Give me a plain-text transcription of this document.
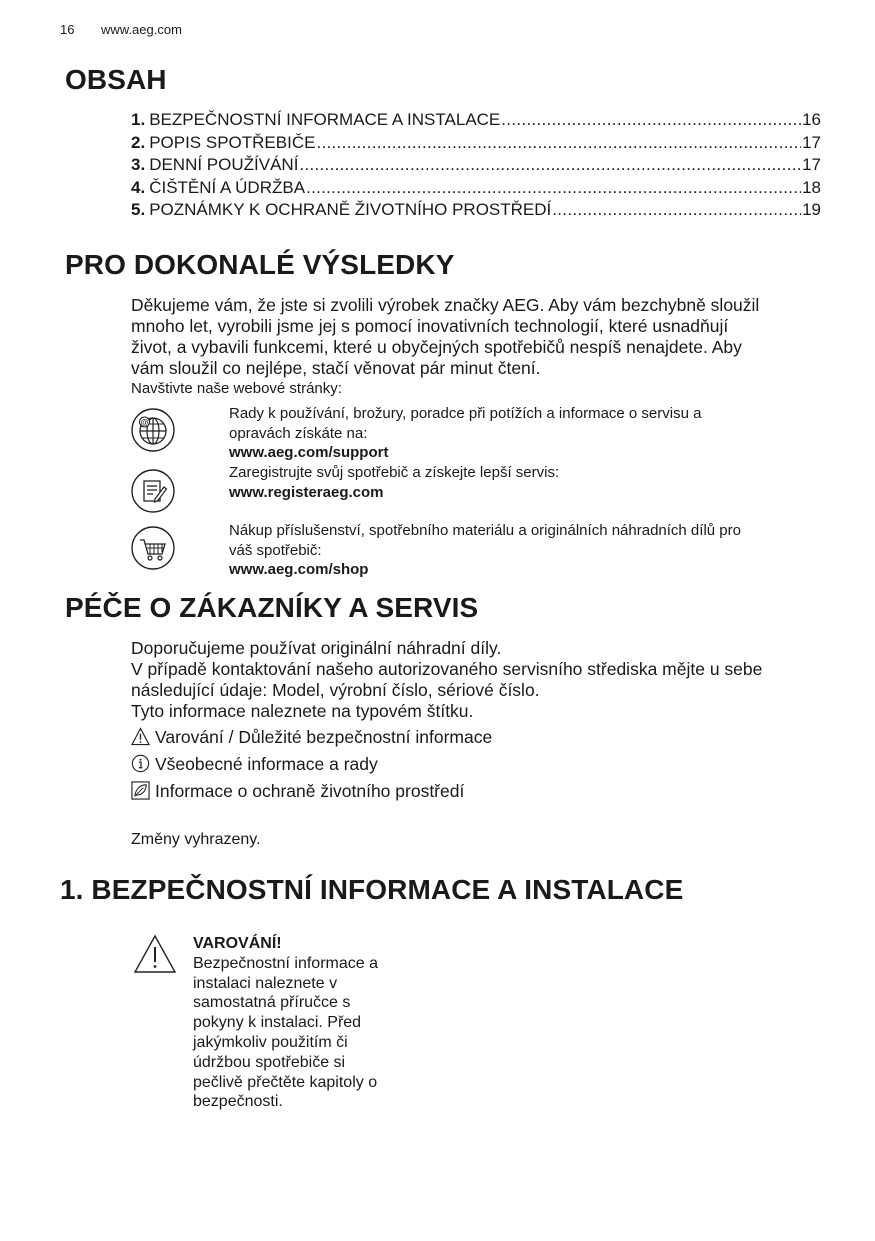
16 www.aeg.com
OBSAH
1. BEZPEČNOSTNÍ INFORMACE A INSTALACE .....	16
2. POPIS SPOTŘEBIČE .....	17
3. DENNÍ POUŽÍVÁNÍ .....	17
4. ČIŠTĚNÍ A ÚDRŽBA .....	18
5. POZNÁMKY K OCHRANĚ ŽIVOTNÍHO PROSTŘEDÍ .....	19
PRO DOKONALÉ VÝSLEDKY
Děkujeme vám, že jste si zvolili výrobek značky AEG. Aby vám bezchybně sloužil
mnoho let, vyrobili jsme jej s pomocí inovativních technologií, které usnadňují
život, a vybavili funkcemi, které u obyčejných spotřebičů nespíš nenajdete. Aby
vám sloužil co nejlépe, stačí věnovat pár minut čtení.
Navštivte naše webové stránky:
@
Rady k používání, brožury, poradce při potížích a informace o servisu a
opravách získáte na:
www.aeg.com/support
Zaregistrujte svůj spotřebič a získejte lepší servis:
www.registeraeg.com
Nákup příslušenství, spotřebního materiálu a originálních náhradních dílů pro
váš spotřebič:
www.aeg.com/shop
PÉČE O ZÁKAZNÍKY A SERVIS
Doporučujeme používat originální náhradní díly.
V případě kontaktování našeho autorizovaného servisního střediska mějte u sebe
následující údaje: Model, výrobní číslo, sériové číslo.
Tyto informace naleznete na typovém štítku.
Varování / Důležité bezpečnostní informace
Všeobecné informace a rady
Informace o ochraně životního prostředí
Změny vyhrazeny.
1. BEZPEČNOSTNÍ INFORMACE A INSTALACE
VAROVÁNÍ!
Bezpečnostní informace a
instalaci naleznete v
samostatná příručce s
pokyny k instalaci. Před
jakýmkoliv použitím či
údržbou spotřebiče si
pečlivě přečtěte kapitoly o
bezpečnosti.
